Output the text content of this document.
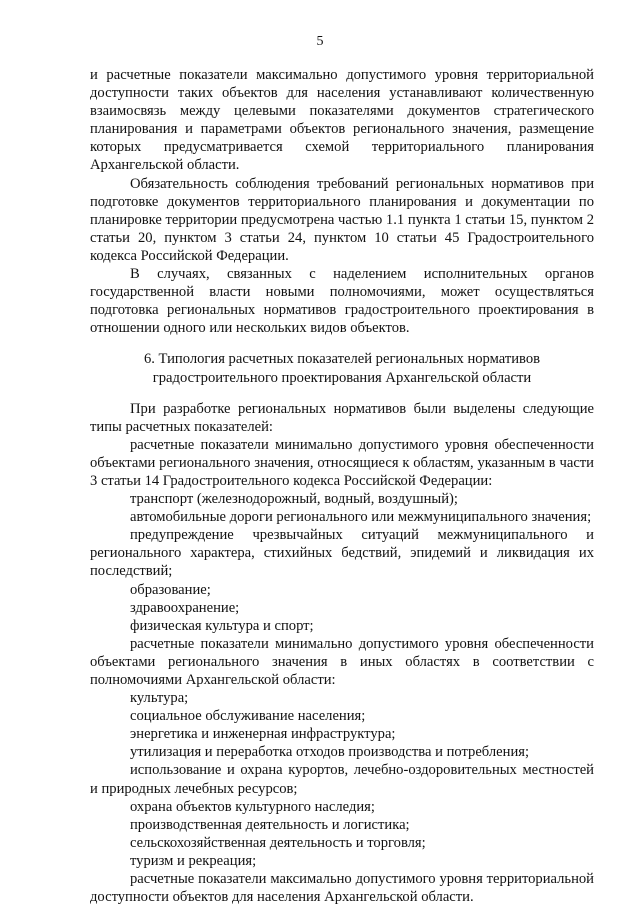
5

и расчетные показатели максимально допустимого уровня территориальной доступности таких объектов для населения устанавливают количественную взаимосвязь между целевыми показателями документов стратегического планирования и параметрами объектов регионального значения, размещение которых предусматривается схемой территориального планирования Архангельской области.

Обязательность соблюдения требований региональных нормативов при подготовке документов территориального планирования и документации по планировке территории предусмотрена частью 1.1 пункта 1 статьи 15, пунктом 2 статьи 20, пунктом 3 статьи 24, пунктом 10 статьи 45 Градостроительного кодекса Российской Федерации.

В случаях, связанных с наделением исполнительных органов государственной власти новыми полномочиями, может осуществляться подготовка региональных нормативов градостроительного проектирования в отношении одного или нескольких видов объектов.

6. Типология расчетных показателей региональных нормативов градостроительного проектирования Архангельской области

При разработке региональных нормативов были выделены следующие типы расчетных показателей:

расчетные показатели минимально допустимого уровня обеспеченности объектами регионального значения, относящиеся к областям, указанным в части 3 статьи 14 Градостроительного кодекса Российской Федерации:

транспорт (железнодорожный, водный, воздушный);

автомобильные дороги регионального или межмуниципального значения;

предупреждение чрезвычайных ситуаций межмуниципального и регионального характера, стихийных бедствий, эпидемий и ликвидация их последствий;

образование;

здравоохранение;

физическая культура и спорт;

расчетные показатели минимально допустимого уровня обеспеченности объектами регионального значения в иных областях в соответствии с полномочиями Архангельской области:

культура;

социальное обслуживание населения;

энергетика и инженерная инфраструктура;

утилизация и переработка отходов производства и потребления;

использование и охрана курортов, лечебно-оздоровительных местностей и природных лечебных ресурсов;

охрана объектов культурного наследия;

производственная деятельность и логистика;

сельскохозяйственная деятельность и торговля;

туризм и рекреация;

расчетные показатели максимально допустимого уровня территориальной доступности объектов для населения Архангельской области.
